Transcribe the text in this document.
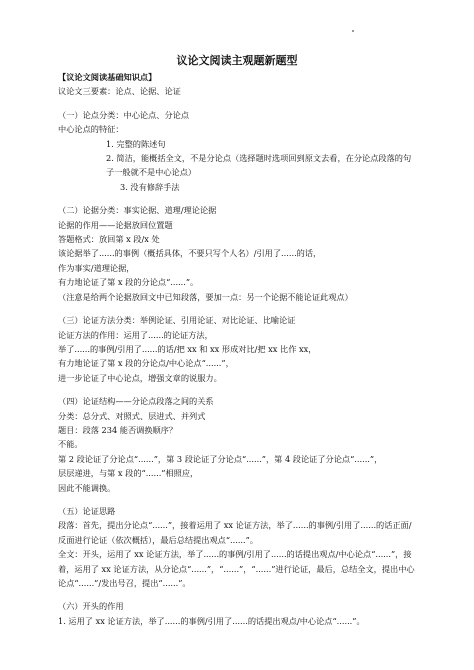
议论文阅读主观题新题型

【议论文阅读基础知识点】

议论文三要素：论点、论据、论证

（一）论点分类：中心论点、分论点

中心论点的特征：

1. 完整的陈述句

2. 简洁，能概括全文，不是分论点（选择题时选项回到原文去看，在分论点段落的句子一般就不是中心论点）

3. 没有修辞手法

（二）论据分类：事实论据、道理/理论论据

论据的作用——论据放回位置题

答题格式：放回第 x 段/x 处

该论据举了......的事例（概括具体，不要只写个人名）/引用了......的话，

作为事实/道理论据，

有力地论证了第 x 段的分论点“......”。

（注意是给两个论据放回文中已知段落，要加一点：另一个论据不能论证此观点）

（三）论证方法分类：举例论证、引用论证、对比论证、比喻论证

论证方法的作用：运用了......的论证方法，

举了......的事例/引用了......的话/把 xx 和 xx 形成对比/把 xx 比作 xx，

有力地论证了第 x 段的分论点/中心论点“......”，

进一步论证了中心论点，增强文章的说服力。

（四）论证结构——分论点段落之间的关系

分类：总分式、对照式、层进式、并列式

题目：段落 234 能否调换顺序？

不能。

第 2 段论证了分论点“......”，第 3 段论证了分论点“......”，第 4 段论证了分论点“......”，

层层递进，与第 x 段的“......”相照应，

因此不能调换。

（五）论证思路

段落：首先，提出分论点“......”，接着运用了 xx 论证方法，举了......的事例/引用了......的话正面/反面进行论证（依次概括），最后总结提出观点“......”。

全文：开头，运用了 xx 论证方法，举了......的事例/引用了......的话提出观点/中心论点“......”，接着，运用了 xx 论证方法，从分论点“......”，“......”，“......”进行论证，最后，总结全文，提出中心论点“......”/发出号召，提出“......”。

（六）开头的作用

1. 运用了 xx 论证方法，举了......的事例/引用了......的话提出观点/中心论点“......”。
